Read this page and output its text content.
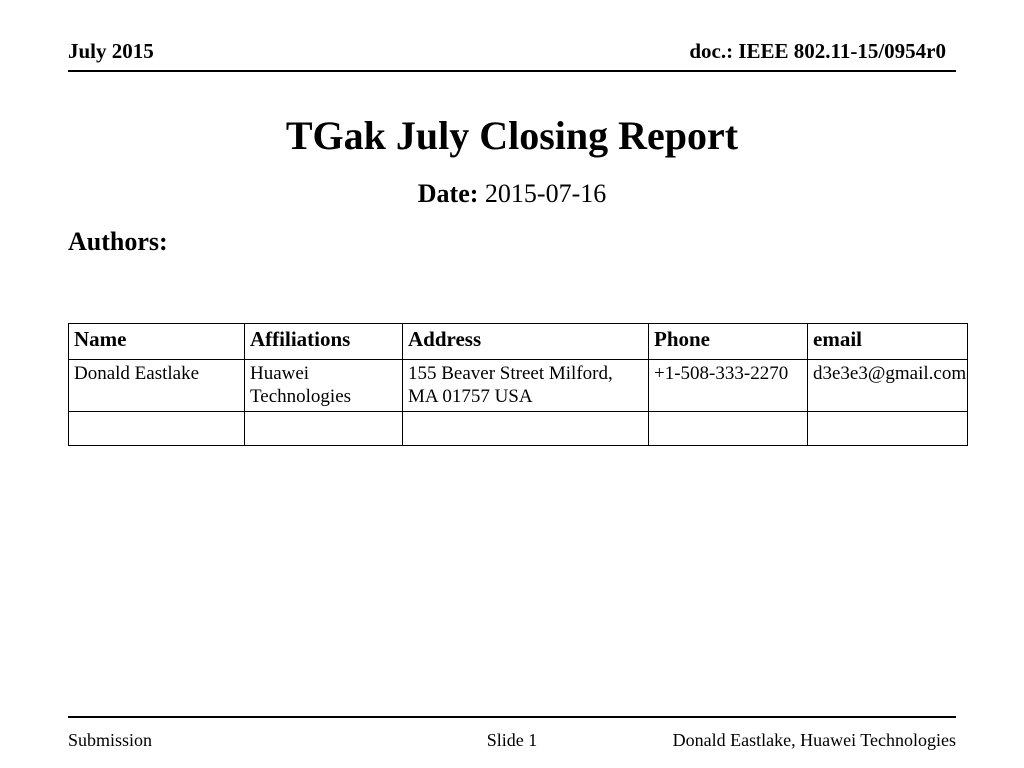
July 2015	doc.: IEEE 802.11-15/0954r0
TGak July Closing Report
Date: 2015-07-16
Authors:
Name	Affiliations	Address	Phone	email
Donald Eastlake	Huawei Technologies	155 Beaver Street Milford, MA 01757 USA	+1-508-333-2270	d3e3e3@gmail.com

Submission	Slide 1	Donald Eastlake, Huawei Technologies
